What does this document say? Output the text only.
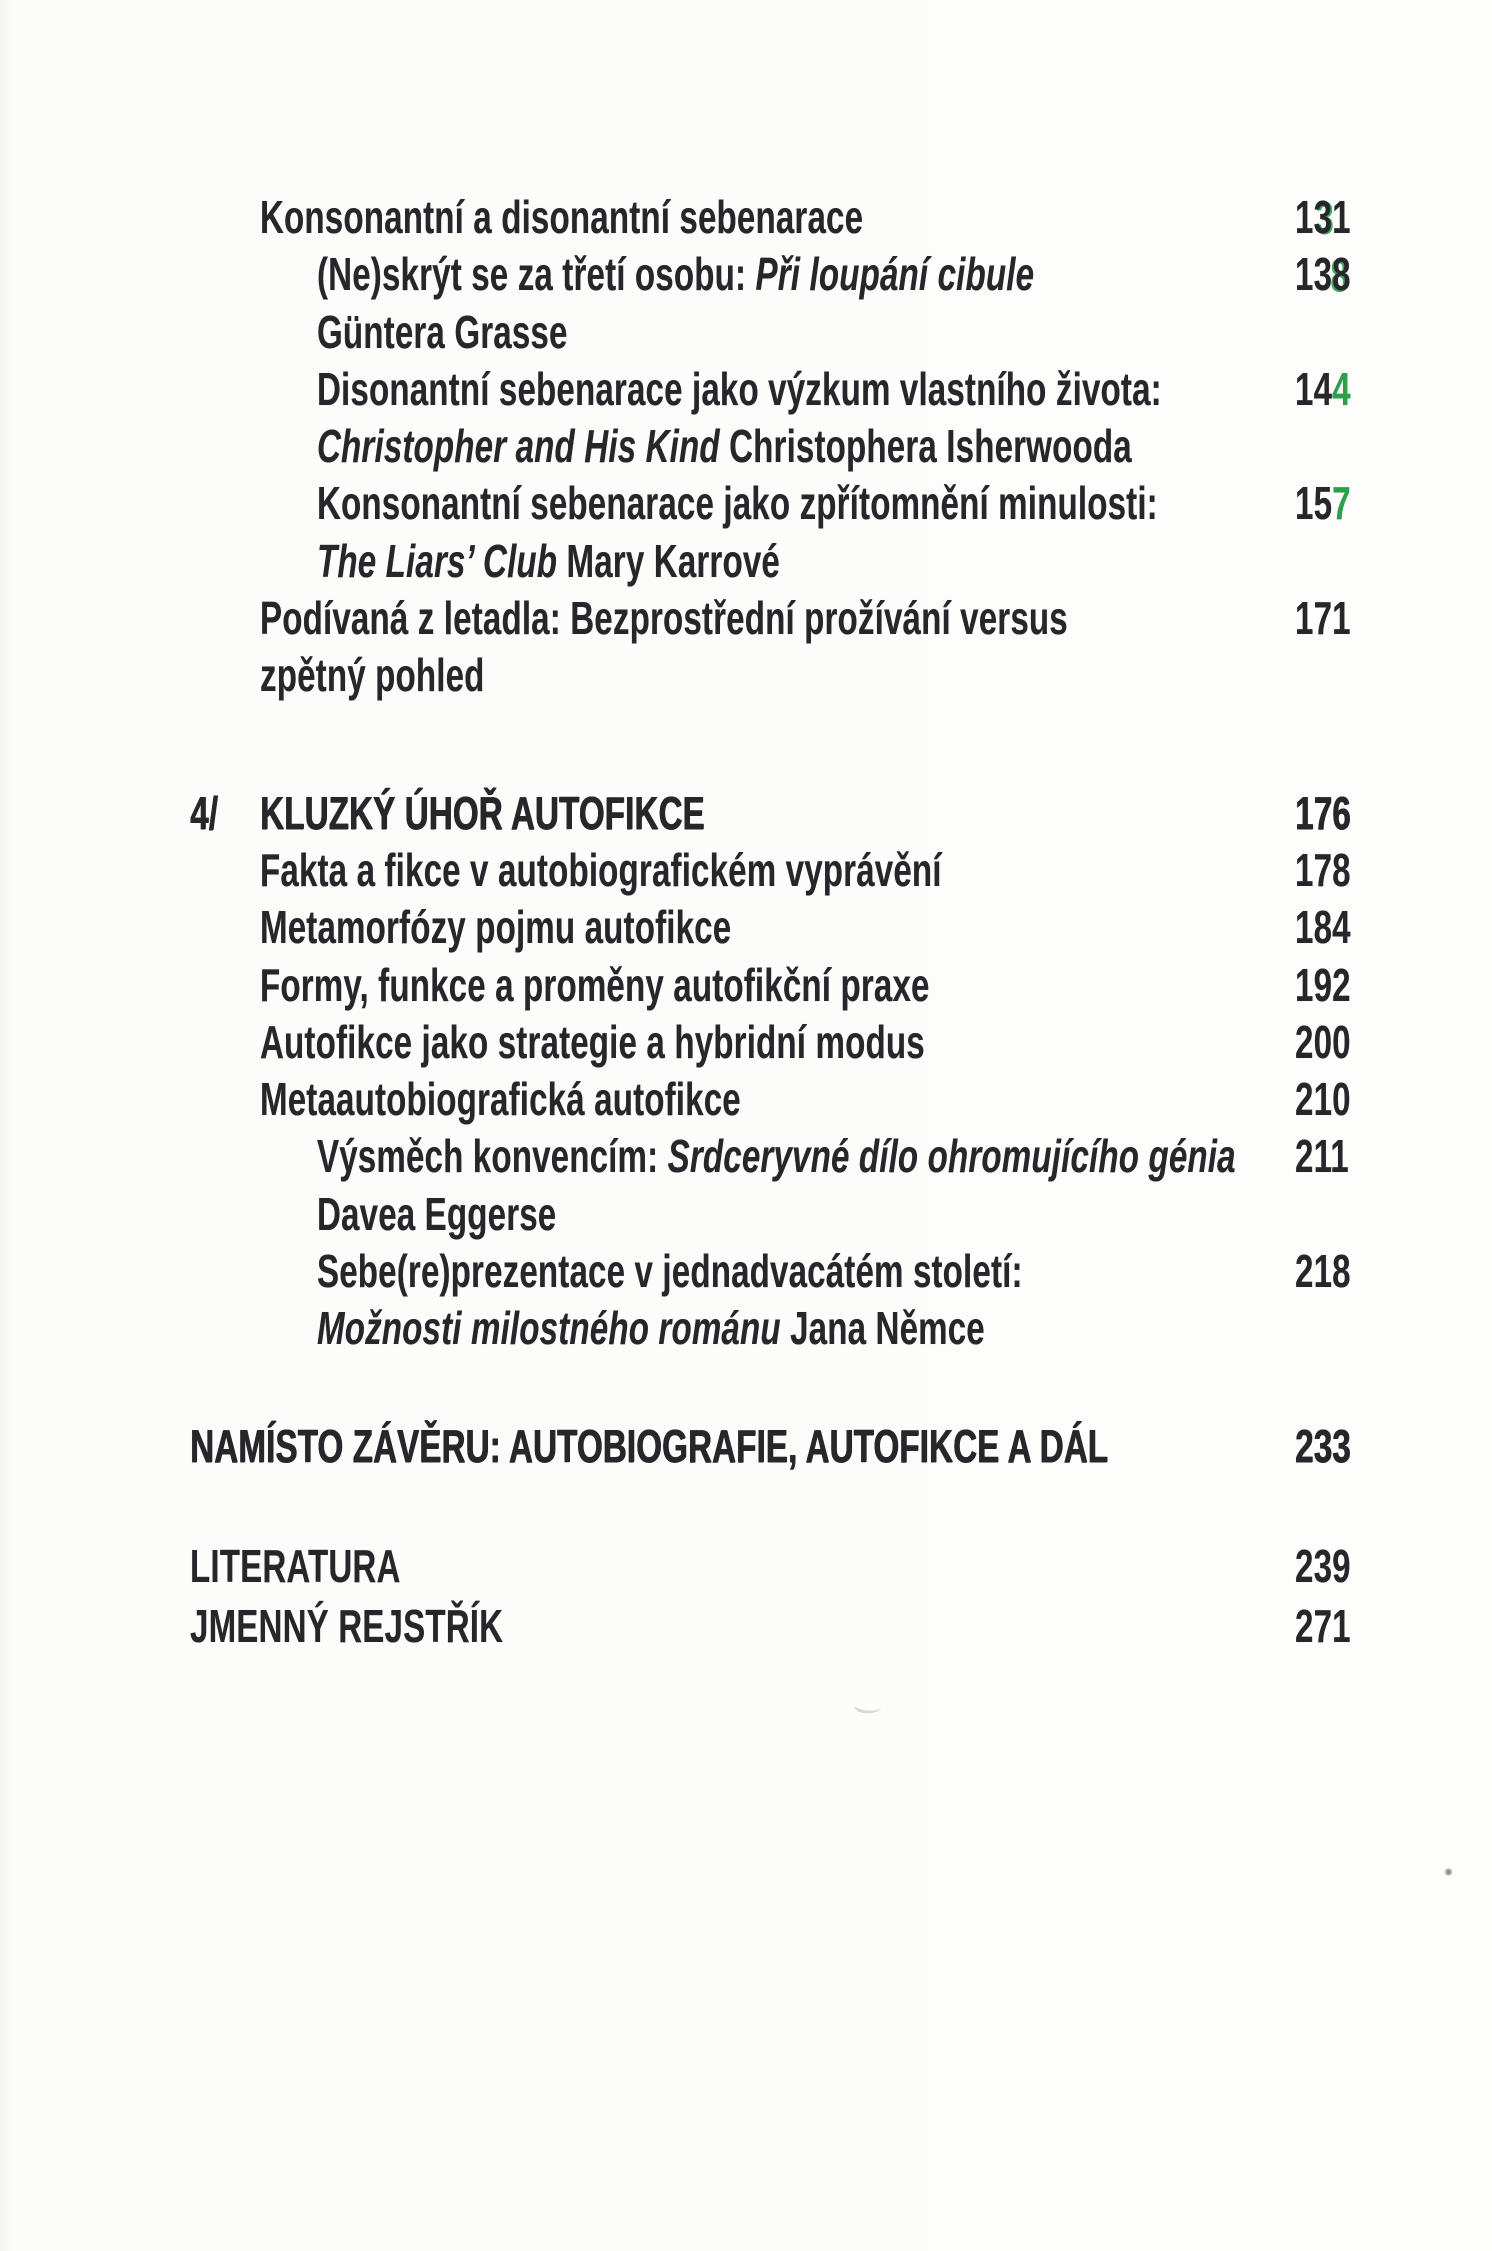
Konsonantní a disonantní sebenarace	131
(Ne)skrýt se za třetí osobu: Při loupání cibule	138
Güntera Grasse
Disonantní sebenarace jako výzkum vlastního života:	144
Christopher and His Kind Christophera Isherwooda
Konsonantní sebenarace jako zpřítomnění minulosti:	157
The Liars’ Club Mary Karrové
Podívaná z letadla: Bezprostřední prožívání versus	171
zpětný pohled
4/ KLUZKÝ ÚHOŘ AUTOFIKCE	176
Fakta a fikce v autobiografickém vyprávění	178
Metamorfózy pojmu autofikce	184
Formy, funkce a proměny autofikční praxe	192
Autofikce jako strategie a hybridní modus	200
Metaautobiografická autofikce	210
Výsměch konvencím: Srdceryvné dílo ohromujícího génia 211
Davea Eggerse
Sebe(re)prezentace v jednadvacátém století:	218
Možnosti milostného románu Jana Němce
NAMÍSTO ZÁVĚRU: AUTOBIOGRAFIE, AUTOFIKCE A DÁL	233
LITERATURA	239
JMENNÝ REJSTŘÍK	271
